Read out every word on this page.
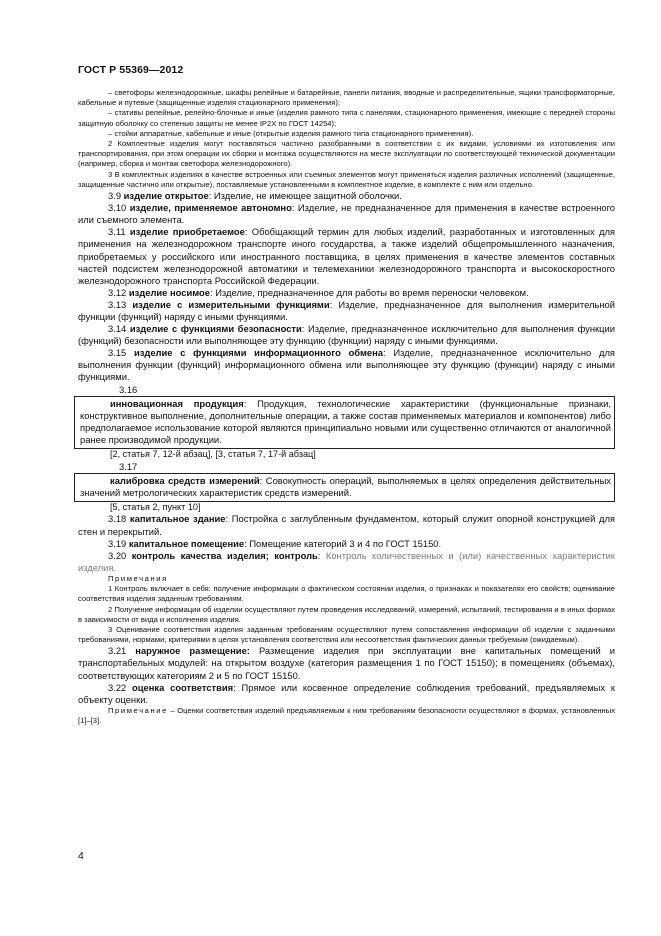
ГОСТ Р 55369—2012

– светофоры железнодорожные, шкафы релейные и батарейные, панели питания, вводные и распределительные, ящики трансформаторные, кабельные и путевые (защищенные изделия стационарного применения);

– стативы релейные, релейно-блочные и иные (изделия рамного типа с панелями, стационарного применения, имеющие с передней стороны защитную оболочку со степенью защиты не менее IP2X по ГОСТ 14254);

– стойки аппаратные, кабельные и иные (открытые изделия рамного типа стационарного применения).

2 Комплектные изделия могут поставляться частично разобранными в соответствии с их видами, условиями их изготовления или транспортирования, при этом операции их сборки и монтажа осуществляются на месте эксплуатации по соответствующей технической документации (например, сборка и монтаж светофора железнодорожного).

3 В комплектных изделиях в качестве встроенных или съемных элементов могут применяться изделия различных исполнений (защищенные, защищенные частично или открытые), поставляемые установленными в комплектное изделие, в комплекте с ним или отдельно.

3.9 изделие открытое: Изделие, не имеющее защитной оболочки.

3.10 изделие, применяемое автономно: Изделие, не предназначенное для применения в качестве встроенного или съемного элемента.

3.11 изделие приобретаемое: Обобщающий термин для любых изделий, разработанных и изготовленных для применения на железнодорожном транспорте иного государства, а также изделий общепромышленного назначения, приобретаемых у российского или иностранного поставщика, в целях применения в качестве элементов составных частей подсистем железнодорожной автоматики и телемеханики железнодорожного транспорта и высокоскоростного железнодорожного транспорта Российской Федерации.

3.12 изделие носимое: Изделие, предназначенное для работы во время переноски человеком.

3.13 изделие с измерительными функциями: Изделие, предназначенное для выполнения измерительной функции (функций) наряду с иными функциями.

3.14 изделие с функциями безопасности: Изделие, предназначенное исключительно для выполнения функции (функций) безопасности или выполняющее эту функцию (функции) наряду с иными функциями.

3.15 изделие с функциями информационного обмена: Изделие, предназначенное исключительно для выполнения функции (функций) информационного обмена или выполняющее эту функцию (функции) наряду с иными функциями.

3.16

инновационная продукция: Продукция, технологические характеристики (функциональные признаки, конструктивное выполнение, дополнительные операции, а также состав применяемых материалов и компонентов) либо предполагаемое использование которой являются принципиально новыми или существенно отличаются от аналогичной ранее производимой продукции.

[2, статья 7, 12-й абзац], [3, статья 7, 17-й абзац]
3.17

калибровка средств измерений: Совокупность операций, выполняемых в целях определения действительных значений метрологических характеристик средств измерений.

[5, статья 2, пункт 10]

3.18 капитальное здание: Постройка с заглубленным фундаментом, который служит опорной конструкцией для стен и перекрытий.

3.19 капитальное помещение: Помещение категорий 3 и 4 по ГОСТ 15150.

3.20 контроль качества изделия; контроль: Контроль количественных и (или) качественных характеристик изделия.

Примечания

1 Контроль включает в себя: получение информации о фактическом состоянии изделия, о признаках и показателях его свойств; оценивание соответствия изделия заданным требованиям.

2 Получение информации об изделии осуществляют путем проведения исследований, измерений, испытаний, тестирования и в иных формах в зависимости от вида и исполнения изделия.

3 Оценивание соответствия изделия заданным требованиям осуществляют путем сопоставления информации об изделии с заданными требованиями, нормами, критериями в целях установления соответствия или несоответствия фактических данных требуемым (ожидаемым).

3.21 наружное размещение: Размещение изделия при эксплуатации вне капитальных помещений и транспортабельных модулей: на открытом воздухе (категория размещения 1 по ГОСТ 15150); в помещениях (объемах), соответствующих категориям 2 и 5 по ГОСТ 15150.

3.22 оценка соответствия: Прямое или косвенное определение соблюдения требований, предъявляемых к объекту оценки.

Примечание – Оценки соответствия изделий предъявляемым к ним требованиям безопасности осуществляют в формах, установленных [1]–[3].

4
